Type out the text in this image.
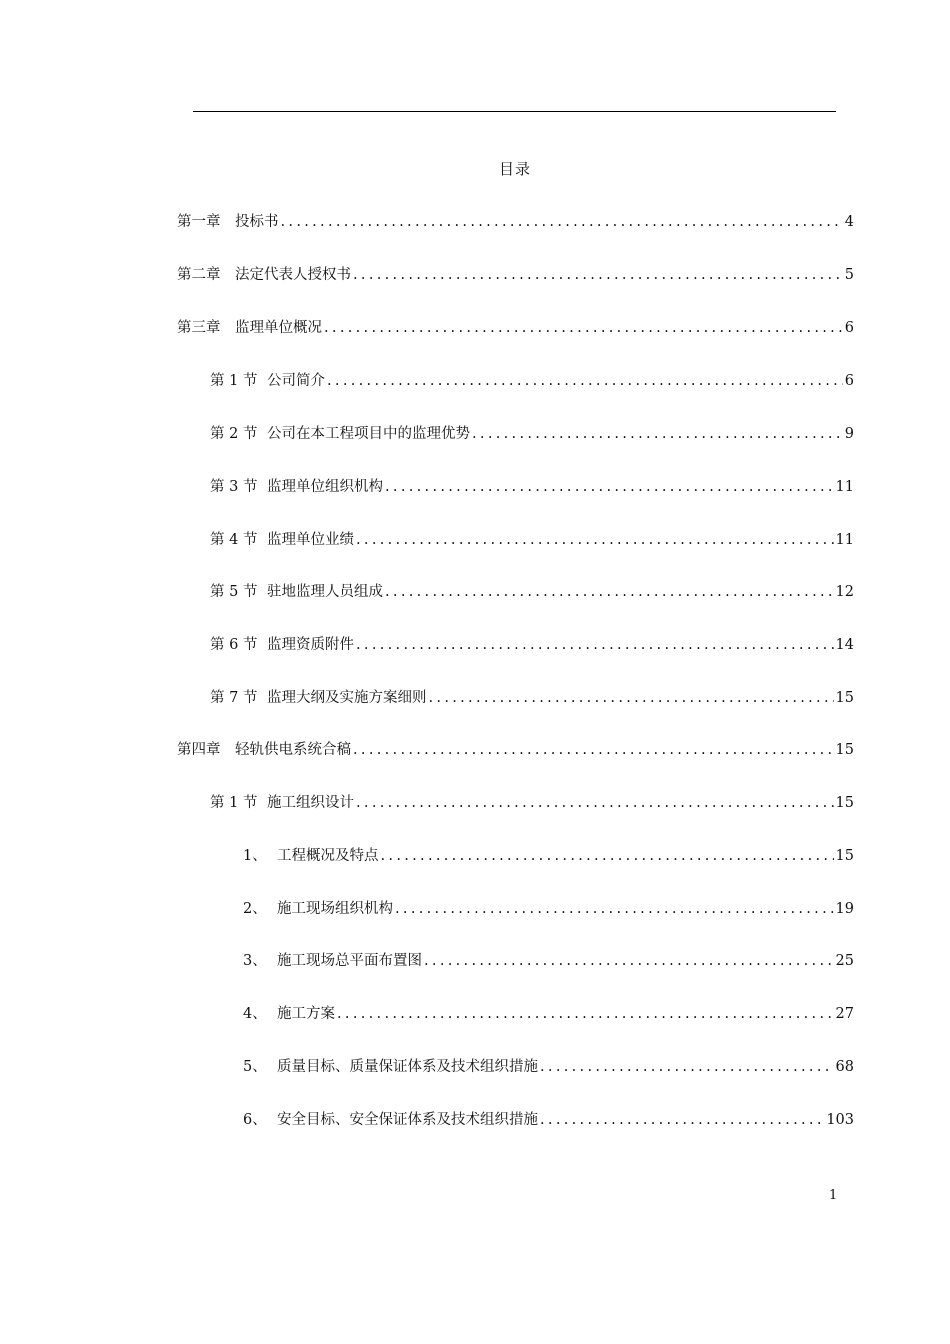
目录
第一章	投标书 .....	4
第二章	法定代表人授权书 .....	5
第三章	监理单位概况 .....	6
第 1 节 公司简介 .....	6
第 2 节 公司在本工程项目中的监理优势 .....	9
第 3 节 监理单位组织机构 .....	11
第 4 节 监理单位业绩 .....	11
第 5 节 驻地监理人员组成 .....	12
第 6 节 监理资质附件 .....	14
第 7 节 监理大纲及实施方案细则 .....	15
第四章	轻轨供电系统合稿 .....	15
第 1 节 施工组织设计 .....	15
1、 工程概况及特点 .....	15
2、 施工现场组织机构 .....	19
3、 施工现场总平面布置图 .....	25
4、 施工方案 .....	27
5、 质量目标、质量保证体系及技术组织措施 .....	68
6、 安全目标、安全保证体系及技术组织措施 .....	103
1
